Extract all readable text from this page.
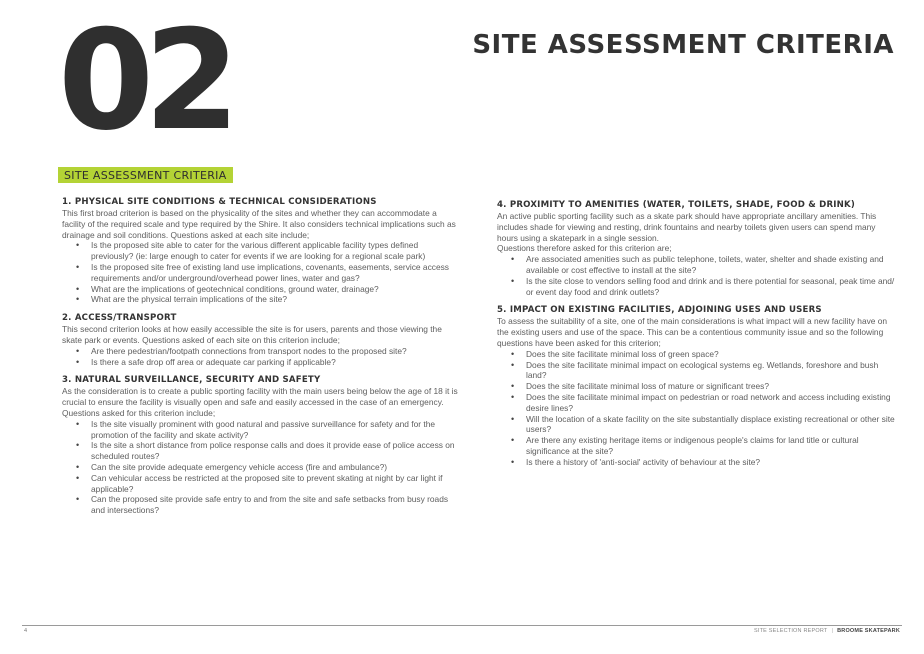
02	SITE ASSESSMENT CRITERIA
SITE ASSESSMENT CRITERIA
1. PHYSICAL SITE CONDITIONS & TECHNICAL CONSIDERATIONS
This first broad criterion is based on the physicality of the sites and whether they can accommodate a facility of the required scale and type required by the Shire. It also considers technical implications such as drainage and soil conditions. Questions asked at each site include;
• Is the proposed site able to cater for the various different applicable facility types defined previously? (ie: large enough to cater for events if we are looking for a regional scale park)
• Is the proposed site free of existing land use implications, covenants, easements, service access requirements and/or underground/overhead power lines, water and gas?
• What are the implications of geotechnical conditions, ground water, drainage?
• What are the physical terrain implications of the site?
2. ACCESS/TRANSPORT
This second criterion looks at how easily accessible the site is for users, parents and those viewing the skate park or events. Questions asked of each site on this criterion include;
• Are there pedestrian/footpath connections from transport nodes to the proposed site?
• Is there a safe drop off area or adequate car parking if applicable?
3. NATURAL SURVEILLANCE, SECURITY AND SAFETY
As the consideration is to create a public sporting facility with the main users being below the age of 18 it is crucial to ensure the facility is visually open and safe and easily accessed in the case of an emergency. Questions asked for this criterion include;
• Is the site visually prominent with good natural and passive surveillance for safety and for the promotion of the facility and skate activity?
• Is the site a short distance from police response calls and does it provide ease of police access on scheduled routes?
• Can the site provide adequate emergency vehicle access (fire and ambulance?)
• Can vehicular access be restricted at the proposed site to prevent skating at night by car light if applicable?
• Can the proposed site provide safe entry to and from the site and safe setbacks from busy roads and intersections?
4. PROXIMITY TO AMENITIES (WATER, TOILETS, SHADE, FOOD & DRINK)
An active public sporting facility such as a skate park should have appropriate ancillary amenities. This includes shade for viewing and resting, drink fountains and nearby toilets given users can spend many hours using a skatepark in a single session.
Questions therefore asked for this criterion are;
• Are associated amenities such as public telephone, toilets, water, shelter and shade existing and available or cost effective to install at the site?
• Is the site close to vendors selling food and drink and is there potential for seasonal, peak time and/ or event day food and drink outlets?
5. IMPACT ON EXISTING FACILITIES, ADJOINING USES AND USERS
To assess the suitability of a site, one of the main considerations is what impact will a new facility have on the existing users and use of the space. This can be a contentious community issue and so the following questions have been asked for this criterion;
• Does the site facilitate minimal loss of green space?
• Does the site facilitate minimal impact on ecological systems eg. Wetlands, foreshore and bush land?
• Does the site facilitate minimal loss of mature or significant trees?
• Does the site facilitate minimal impact on pedestrian or road network and access including existing desire lines?
• Will the location of a skate facility on the site substantially displace existing recreational or other site users?
• Are there any existing heritage items or indigenous people's claims for land title or cultural significance at the site?
• Is there a history of 'anti-social' activity of behaviour at the site?
4	SITE SELECTION REPORT | BROOME SKATEPARK
